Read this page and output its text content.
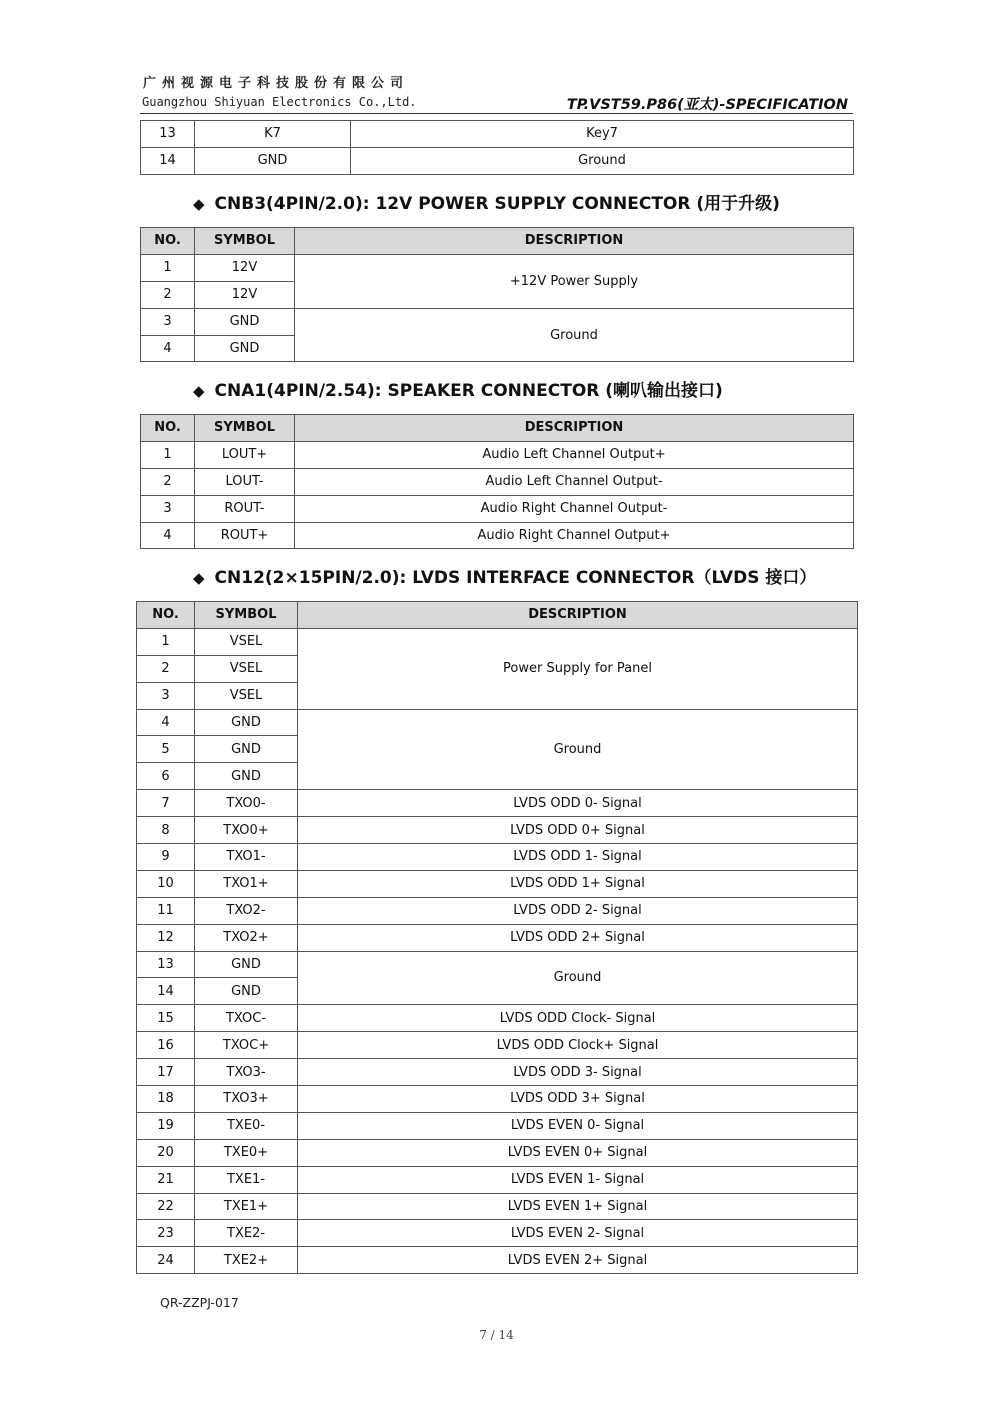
广州视源电子科技股份有限公司
Guangzhou Shiyuan Electronics Co.,Ltd.	TP.VST59.P86(亚太)-SPECIFICATION
13	K7	Key7
14	GND	Ground
◆ CNB3(4PIN/2.0): 12V POWER SUPPLY CONNECTOR (用于升级)
NO.	SYMBOL	DESCRIPTION
1	12V	+12V Power Supply
2	12V	
3	GND	Ground
4	GND	
◆ CNA1(4PIN/2.54): SPEAKER CONNECTOR (喇叭输出接口)
NO.	SYMBOL	DESCRIPTION
1	LOUT+	Audio Left Channel Output+
2	LOUT-	Audio Left Channel Output-
3	ROUT-	Audio Right Channel Output-
4	ROUT+	Audio Right Channel Output+
◆ CN12(2×15PIN/2.0): LVDS INTERFACE CONNECTOR（LVDS 接口）
NO.	SYMBOL	DESCRIPTION
1	VSEL	Power Supply for Panel
2	VSEL	
3	VSEL	
4	GND	Ground
5	GND	
6	GND	
7	TXO0-	LVDS ODD 0- Signal
8	TXO0+	LVDS ODD 0+ Signal
9	TXO1-	LVDS ODD 1- Signal
10	TXO1+	LVDS ODD 1+ Signal
11	TXO2-	LVDS ODD 2- Signal
12	TXO2+	LVDS ODD 2+ Signal
13	GND	Ground
14	GND	
15	TXOC-	LVDS ODD Clock- Signal
16	TXOC+	LVDS ODD Clock+ Signal
17	TXO3-	LVDS ODD 3- Signal
18	TXO3+	LVDS ODD 3+ Signal
19	TXE0-	LVDS EVEN 0- Signal
20	TXE0+	LVDS EVEN 0+ Signal
21	TXE1-	LVDS EVEN 1- Signal
22	TXE1+	LVDS EVEN 1+ Signal
23	TXE2-	LVDS EVEN 2- Signal
24	TXE2+	LVDS EVEN 2+ Signal
QR-ZZPJ-017
7 / 14
